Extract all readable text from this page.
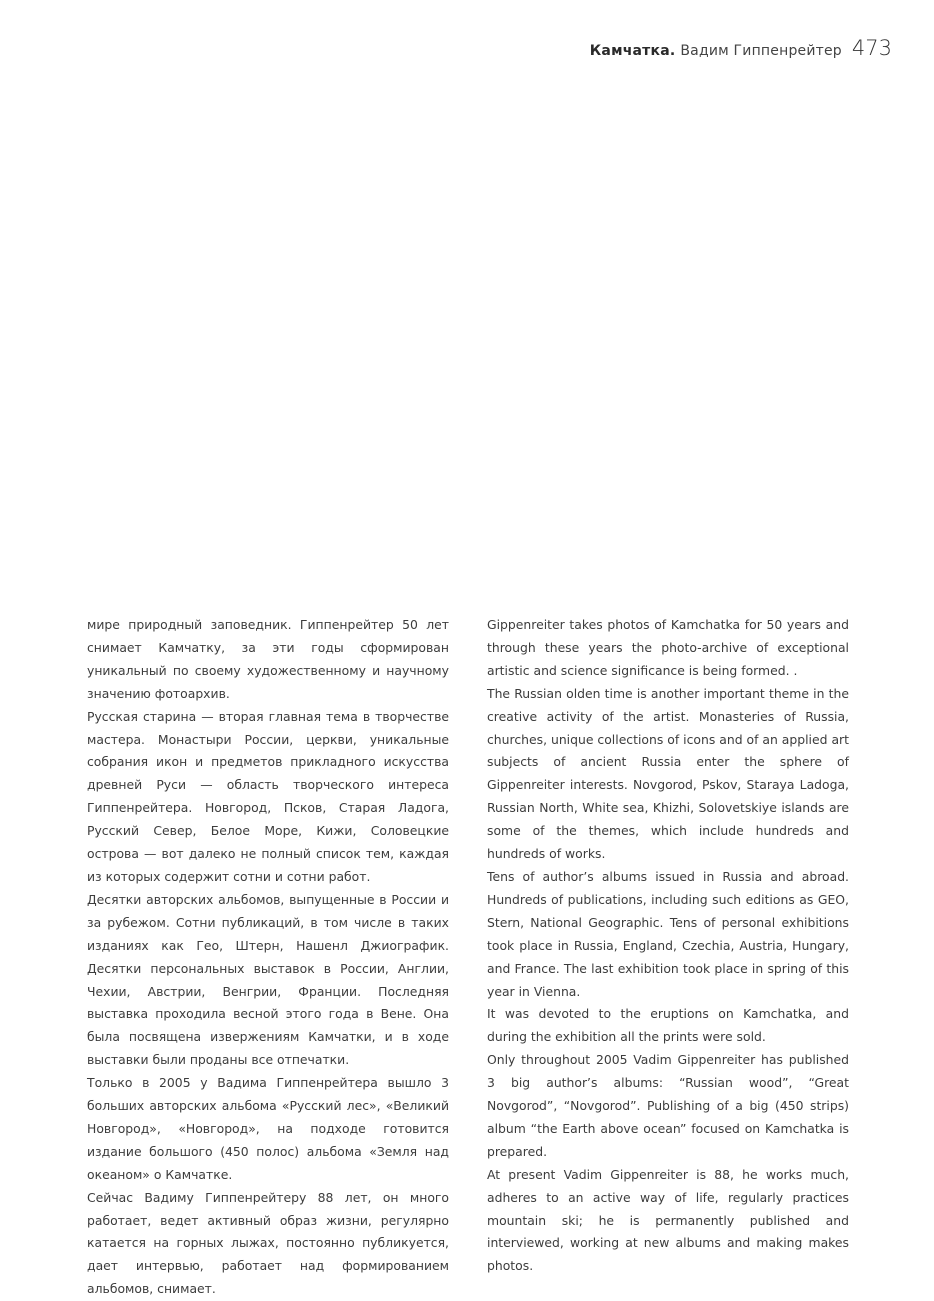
Камчатка. Вадим Гиппенрейтер 473

мире природный заповедник. Гиппенрейтер 50 лет снимает Камчатку, за эти годы сформирован уникальный по своему художественному и научному значению фотоархив.

Русская старина — вторая главная тема в творчестве мастера. Монастыри России, церкви, уникальные собрания икон и предметов прикладного искусства древней Руси — область творческого интереса Гиппенрейтера. Новгород, Псков, Старая Ладога, Русский Север, Белое Море, Кижи, Соловецкие острова — вот далеко не полный список тем, каждая из которых содержит сотни и сотни работ.

Десятки авторских альбомов, выпущенные в России и за рубежом. Сотни публикаций, в том числе в таких изданиях как Гео, Штерн, Нашенл Джиографик. Десятки персональных выставок в России, Англии, Чехии, Австрии, Венгрии, Франции. Последняя выставка проходила весной этого года в Вене. Она была посвящена извержениям Камчатки, и в ходе выставки были проданы все отпечатки.

Только в 2005 у Вадима Гиппенрейтера вышло 3 больших авторских альбома «Русский лес», «Великий Новгород», «Новгород», на подходе готовится издание большого (450 полос) альбома «Земля над океаном» о Камчатке.

Сейчас Вадиму Гиппенрейтеру 88 лет, он много работает, ведет активный образ жизни, регулярно катается на горных лыжах, постоянно публикуется, дает интервью, работает над формированием альбомов, снимает.

Gippenreiter takes photos of Kamchatka for 50 years and through these years the photo-archive of exceptional artistic and science significance is being formed. .

The Russian olden time is another important theme in the creative activity of the artist. Monasteries of Russia, churches, unique collections of icons and of an applied art subjects of ancient Russia enter the sphere of Gippenreiter interests. Novgorod, Pskov, Staraya Ladoga, Russian North, White sea, Khizhi, Solovetskiye islands are some of the themes, which include hundreds and hundreds of works.

Tens of author’s albums issued in Russia and abroad. Hundreds of publications, including such editions as GEO, Stern, National Geographic. Tens of personal exhibitions took place in Russia, England, Czechia, Austria, Hungary, and France. The last exhibition took place in spring of this year in Vienna.

It was devoted to the eruptions on Kamchatka, and during the exhibition all the prints were sold.

Only throughout 2005 Vadim Gippenreiter has published 3 big author’s albums: “Russian wood”, “Great Novgorod”, “Novgorod”. Publishing of a big (450 strips) album “the Earth above ocean” focused on Kamchatka is prepared.

At present Vadim Gippenreiter is 88, he works much, adheres to an active way of life, regularly practices mountain ski; he is permanently published and interviewed, working at new albums and making makes photos.
